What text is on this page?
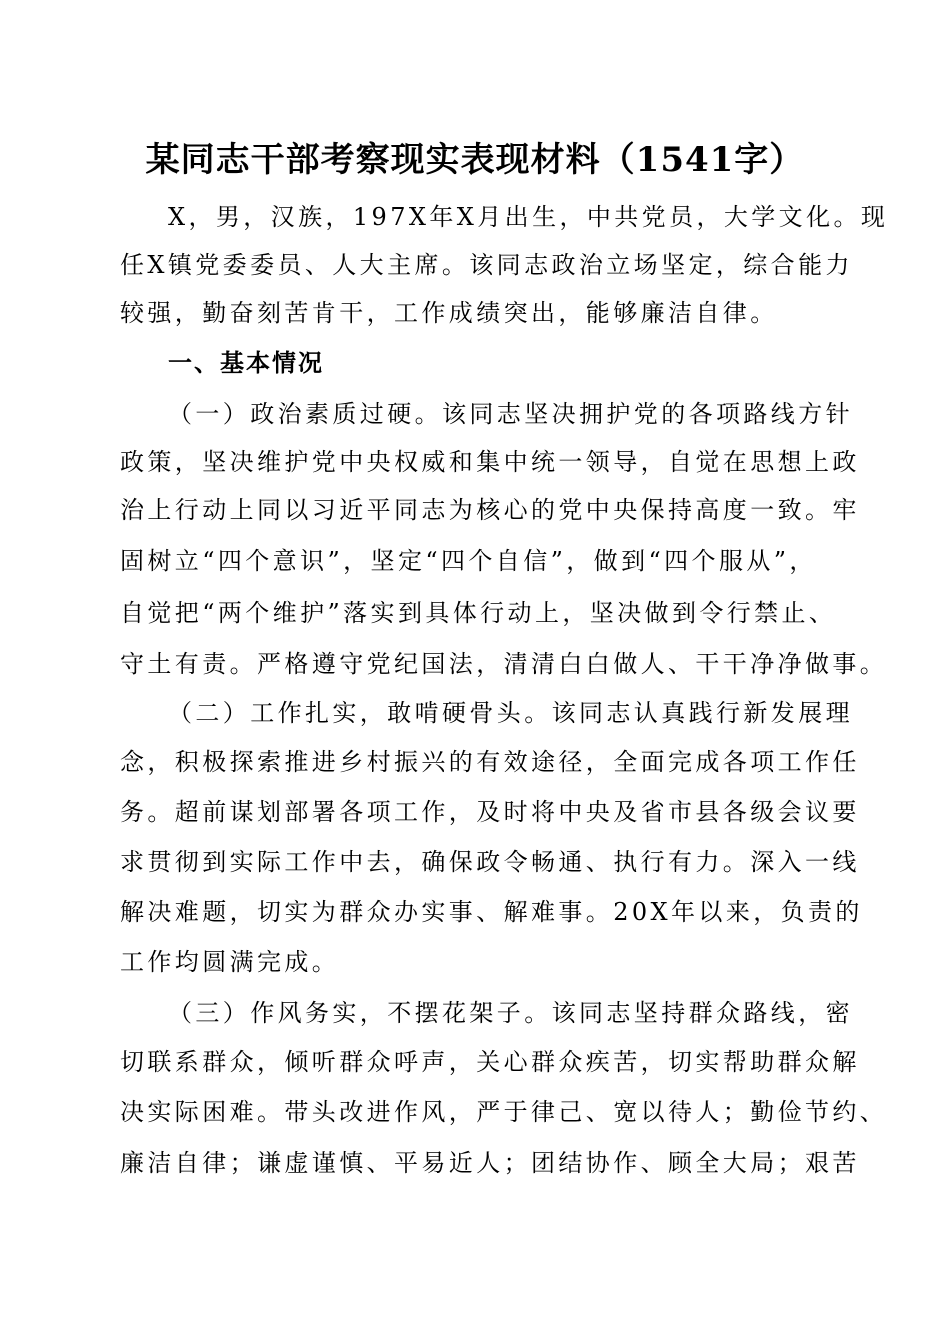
某同志干部考察现实表现材料（1541字）
X，男，汉族，197X年X月出生，中共党员，大学文化。现
任X镇党委委员、人大主席。该同志政治立场坚定，综合能力
较强，勤奋刻苦肯干，工作成绩突出，能够廉洁自律。
一、基本情况
（一）政治素质过硬。该同志坚决拥护党的各项路线方针
政策，坚决维护党中央权威和集中统一领导，自觉在思想上政
治上行动上同以习近平同志为核心的党中央保持高度一致。牢
固树立“四个意识”，坚定“四个自信”，做到“四个服从”，
自觉把“两个维护”落实到具体行动上，坚决做到令行禁止、
守土有责。严格遵守党纪国法，清清白白做人、干干净净做事。
（二）工作扎实，敢啃硬骨头。该同志认真践行新发展理
念，积极探索推进乡村振兴的有效途径，全面完成各项工作任
务。超前谋划部署各项工作，及时将中央及省市县各级会议要
求贯彻到实际工作中去，确保政令畅通、执行有力。深入一线
解决难题，切实为群众办实事、解难事。20X年以来，负责的
工作均圆满完成。
（三）作风务实，不摆花架子。该同志坚持群众路线，密
切联系群众，倾听群众呼声，关心群众疾苦，切实帮助群众解
决实际困难。带头改进作风，严于律己、宽以待人；勤俭节约、
廉洁自律；谦虚谨慎、平易近人；团结协作、顾全大局；艰苦
